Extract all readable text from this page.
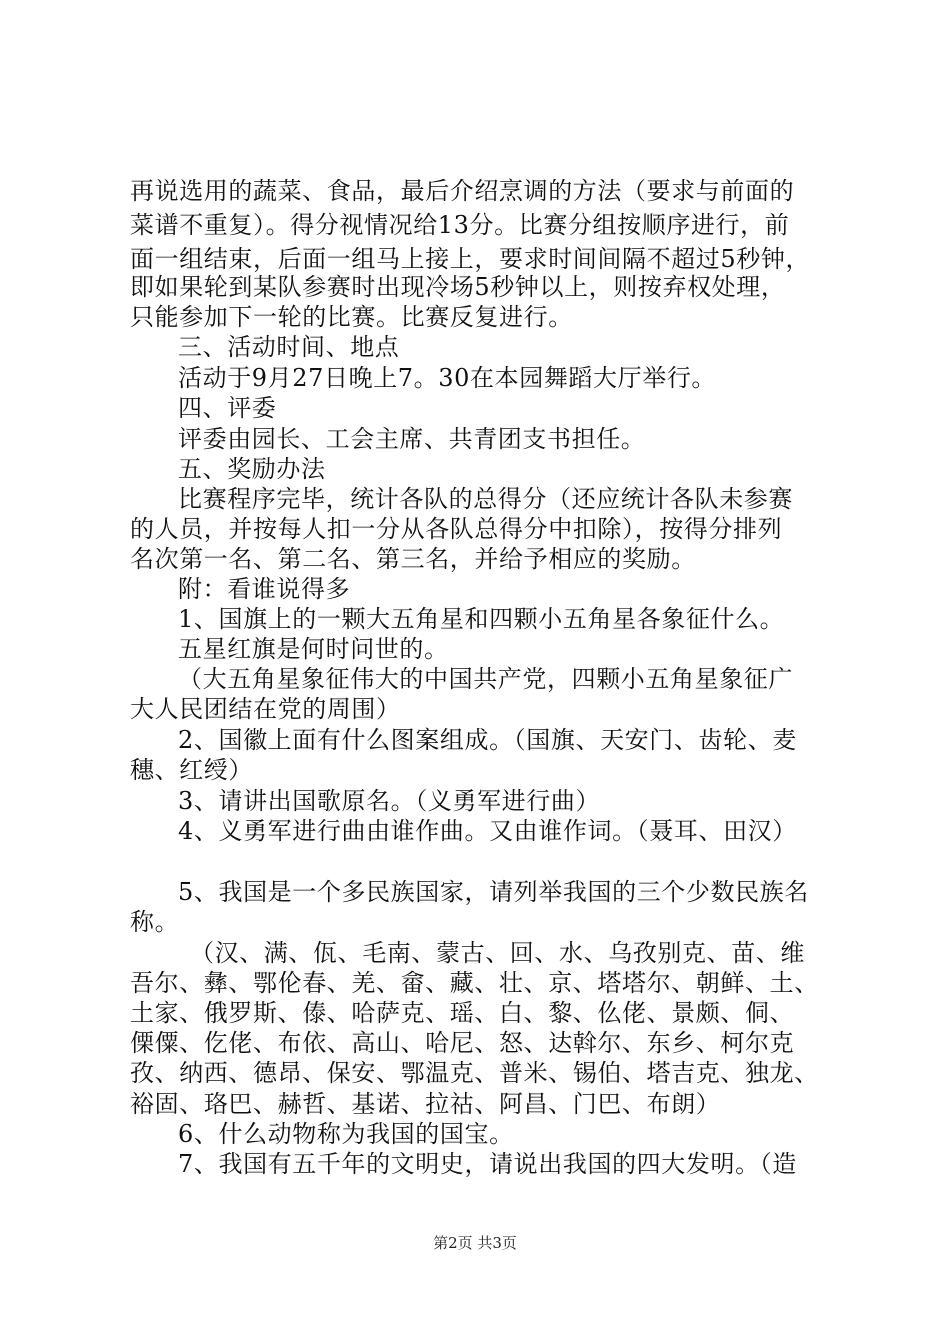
再说选用的蔬菜、食品，最后介绍烹调的方法（要求与前面的
菜谱不重复）。得分视情况给13分。比赛分组按顺序进行，前
面一组结束，后面一组马上接上，要求时间间隔不超过5秒钟，
即如果轮到某队参赛时出现冷场5秒钟以上，则按弃权处理，
只能参加下一轮的比赛。比赛反复进行。
三、活动时间、地点
活动于9月27日晚上7。30在本园舞蹈大厅举行。
四、评委
评委由园长、工会主席、共青团支书担任。
五、奖励办法
比赛程序完毕，统计各队的总得分（还应统计各队未参赛
的人员，并按每人扣一分从各队总得分中扣除），按得分排列
名次第一名、第二名、第三名，并给予相应的奖励。
附：看谁说得多
1、国旗上的一颗大五角星和四颗小五角星各象征什么。
五星红旗是何时问世的。
（大五角星象征伟大的中国共产党，四颗小五角星象征广
大人民团结在党的周围）
2、国徽上面有什么图案组成。（国旗、天安门、齿轮、麦
穗、红绶）
3、请讲出国歌原名。（义勇军进行曲）
4、义勇军进行曲由谁作曲。又由谁作词。（聂耳、田汉）
5、我国是一个多民族国家，请列举我国的三个少数民族名
称。
（汉、满、佤、毛南、蒙古、回、水、乌孜别克、苗、维
吾尔、彝、鄂伦春、羌、畲、藏、壮、京、塔塔尔、朝鲜、土、
土家、俄罗斯、傣、哈萨克、瑶、白、黎、仫佬、景颇、侗、
傈僳、仡佬、布依、高山、哈尼、怒、达斡尔、东乡、柯尔克
孜、纳西、德昂、保安、鄂温克、普米、锡伯、塔吉克、独龙、
裕固、珞巴、赫哲、基诺、拉祜、阿昌、门巴、布朗）
6、什么动物称为我国的国宝。
7、我国有五千年的文明史，请说出我国的四大发明。（造
第2页 共3页
